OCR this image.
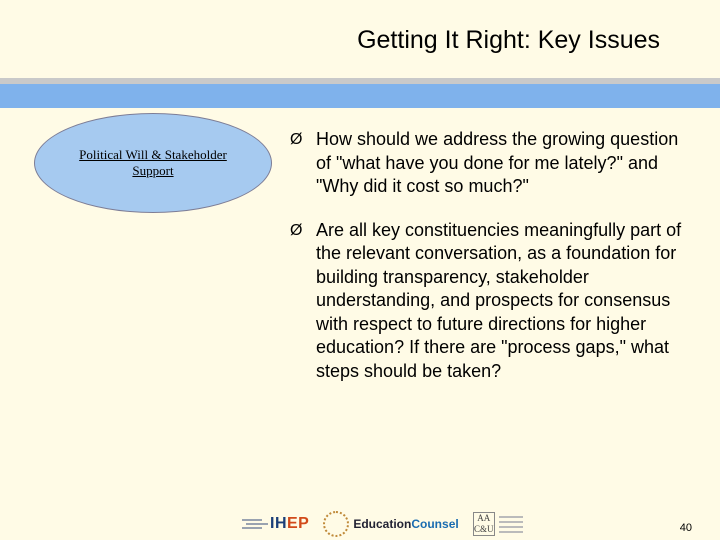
Getting It Right: Key Issues
Political Will & Stakeholder Support
Ø How should we address the growing question of "what have you done for me lately?" and "Why did it cost so much?"
Ø Are all key constituencies meaningfully part of the relevant conversation, as a foundation for building transparency, stakeholder understanding, and prospects for consensus with respect to future directions for higher education? If there are "process gaps," what steps should be taken?
IHEP	EducationCounsel	AA C&U	40
